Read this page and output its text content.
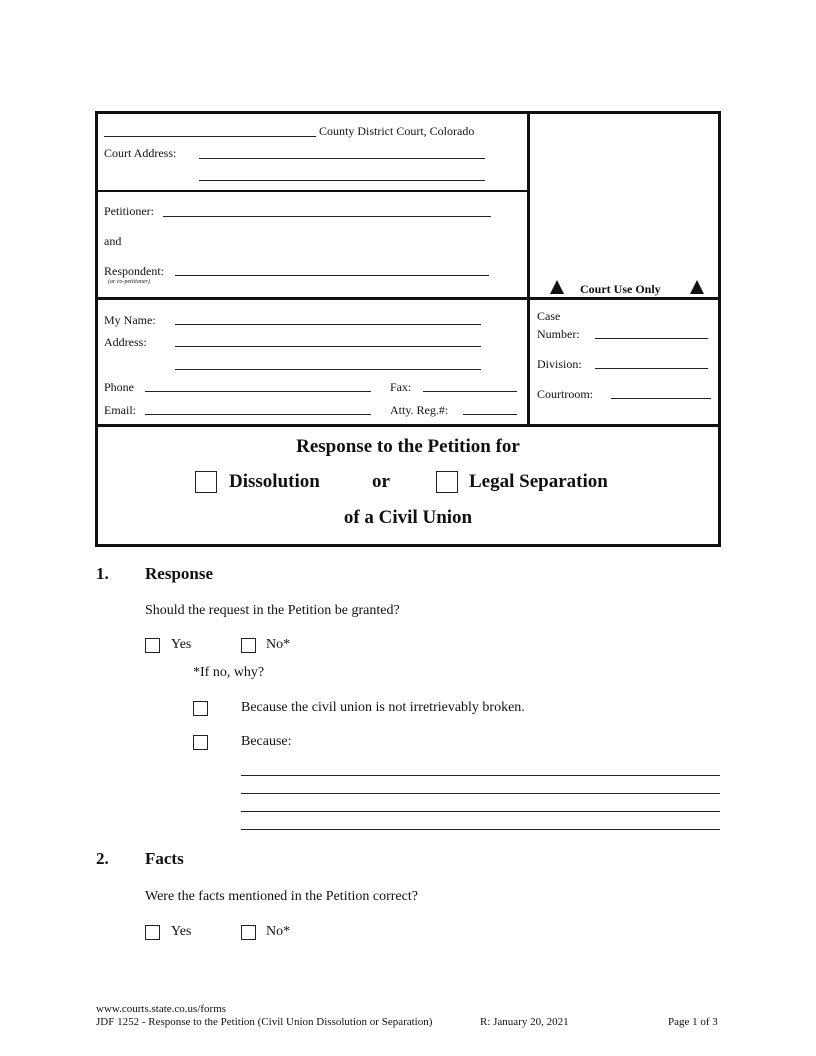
County District Court, Colorado
Court Address:
Petitioner:
and
Respondent:
(or co-petitioner)	Court Use Only
My Name:
Address:
Phone	Fax:
Email:	Atty. Reg.#:
Case
Number:
Division:
Courtroom:
Response to the Petition for
Dissolution	or	Legal Separation
of a Civil Union
1. Response
Should the request in the Petition be granted?
Yes	No*
*If no, why?
Because the civil union is not irretrievably broken.
Because:
2. Facts
Were the facts mentioned in the Petition correct?
Yes	No*
www.courts.state.co.us/forms
JDF 1252 - Response to the Petition (Civil Union Dissolution or Separation)	R: January 20, 2021	Page 1 of 3
